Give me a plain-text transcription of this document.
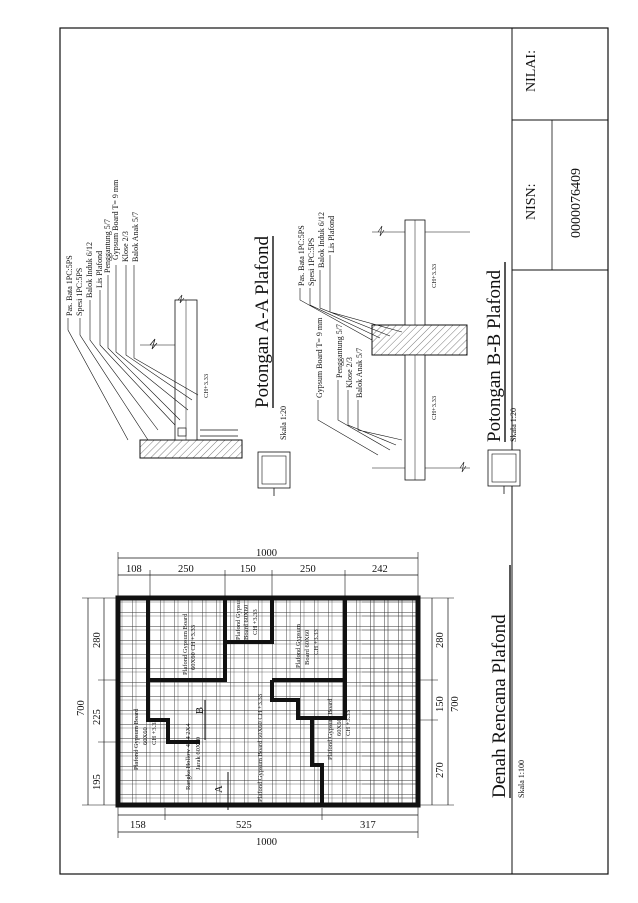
NILAI:
NISN: 0000076409
Plafond Gypsum Board 60X60 CH +3.33
Plafond Gypsum Board 60X60 CH +3.33
Plafond Gypsum Board 60X60 CH +3.33
Plafond Gypsum Board 60X60 CH +3.33
Plafond Gypsum Board 60X60 CH +3.33
Rangka Hollow 4X4 2X4 Jarak 60X60	Plafond Gypsum Board 60X60 CH +3.33
A
B
1000
108	250	150	250	242
158	525	317
1000
700
195
225
280
270
150
280
700 Denah Rencana Plafond Skala 1:100
CH+3.33
Pas. Bata 1PC:5PS Spesi 1PC:5PS Balok Induk 6/12 Lis Plafond Penggantung 5/7 Gypsum Board T= 9 mm Klose 2/3 Balok Anak 5/7	Potongan A-A Plafond
Skala 1:20
CH+3.33
CH+3.33
Pas. Bata 1PC:5PS Spesi 1PC:5PS Balok Induk 6/12 Lis Plafond
Gypsum Board T= 9 mm Penggantung 5/7 Klose 2/3 Balok Anak 5/7	Potongan B-B Plafond Skala 1:20
